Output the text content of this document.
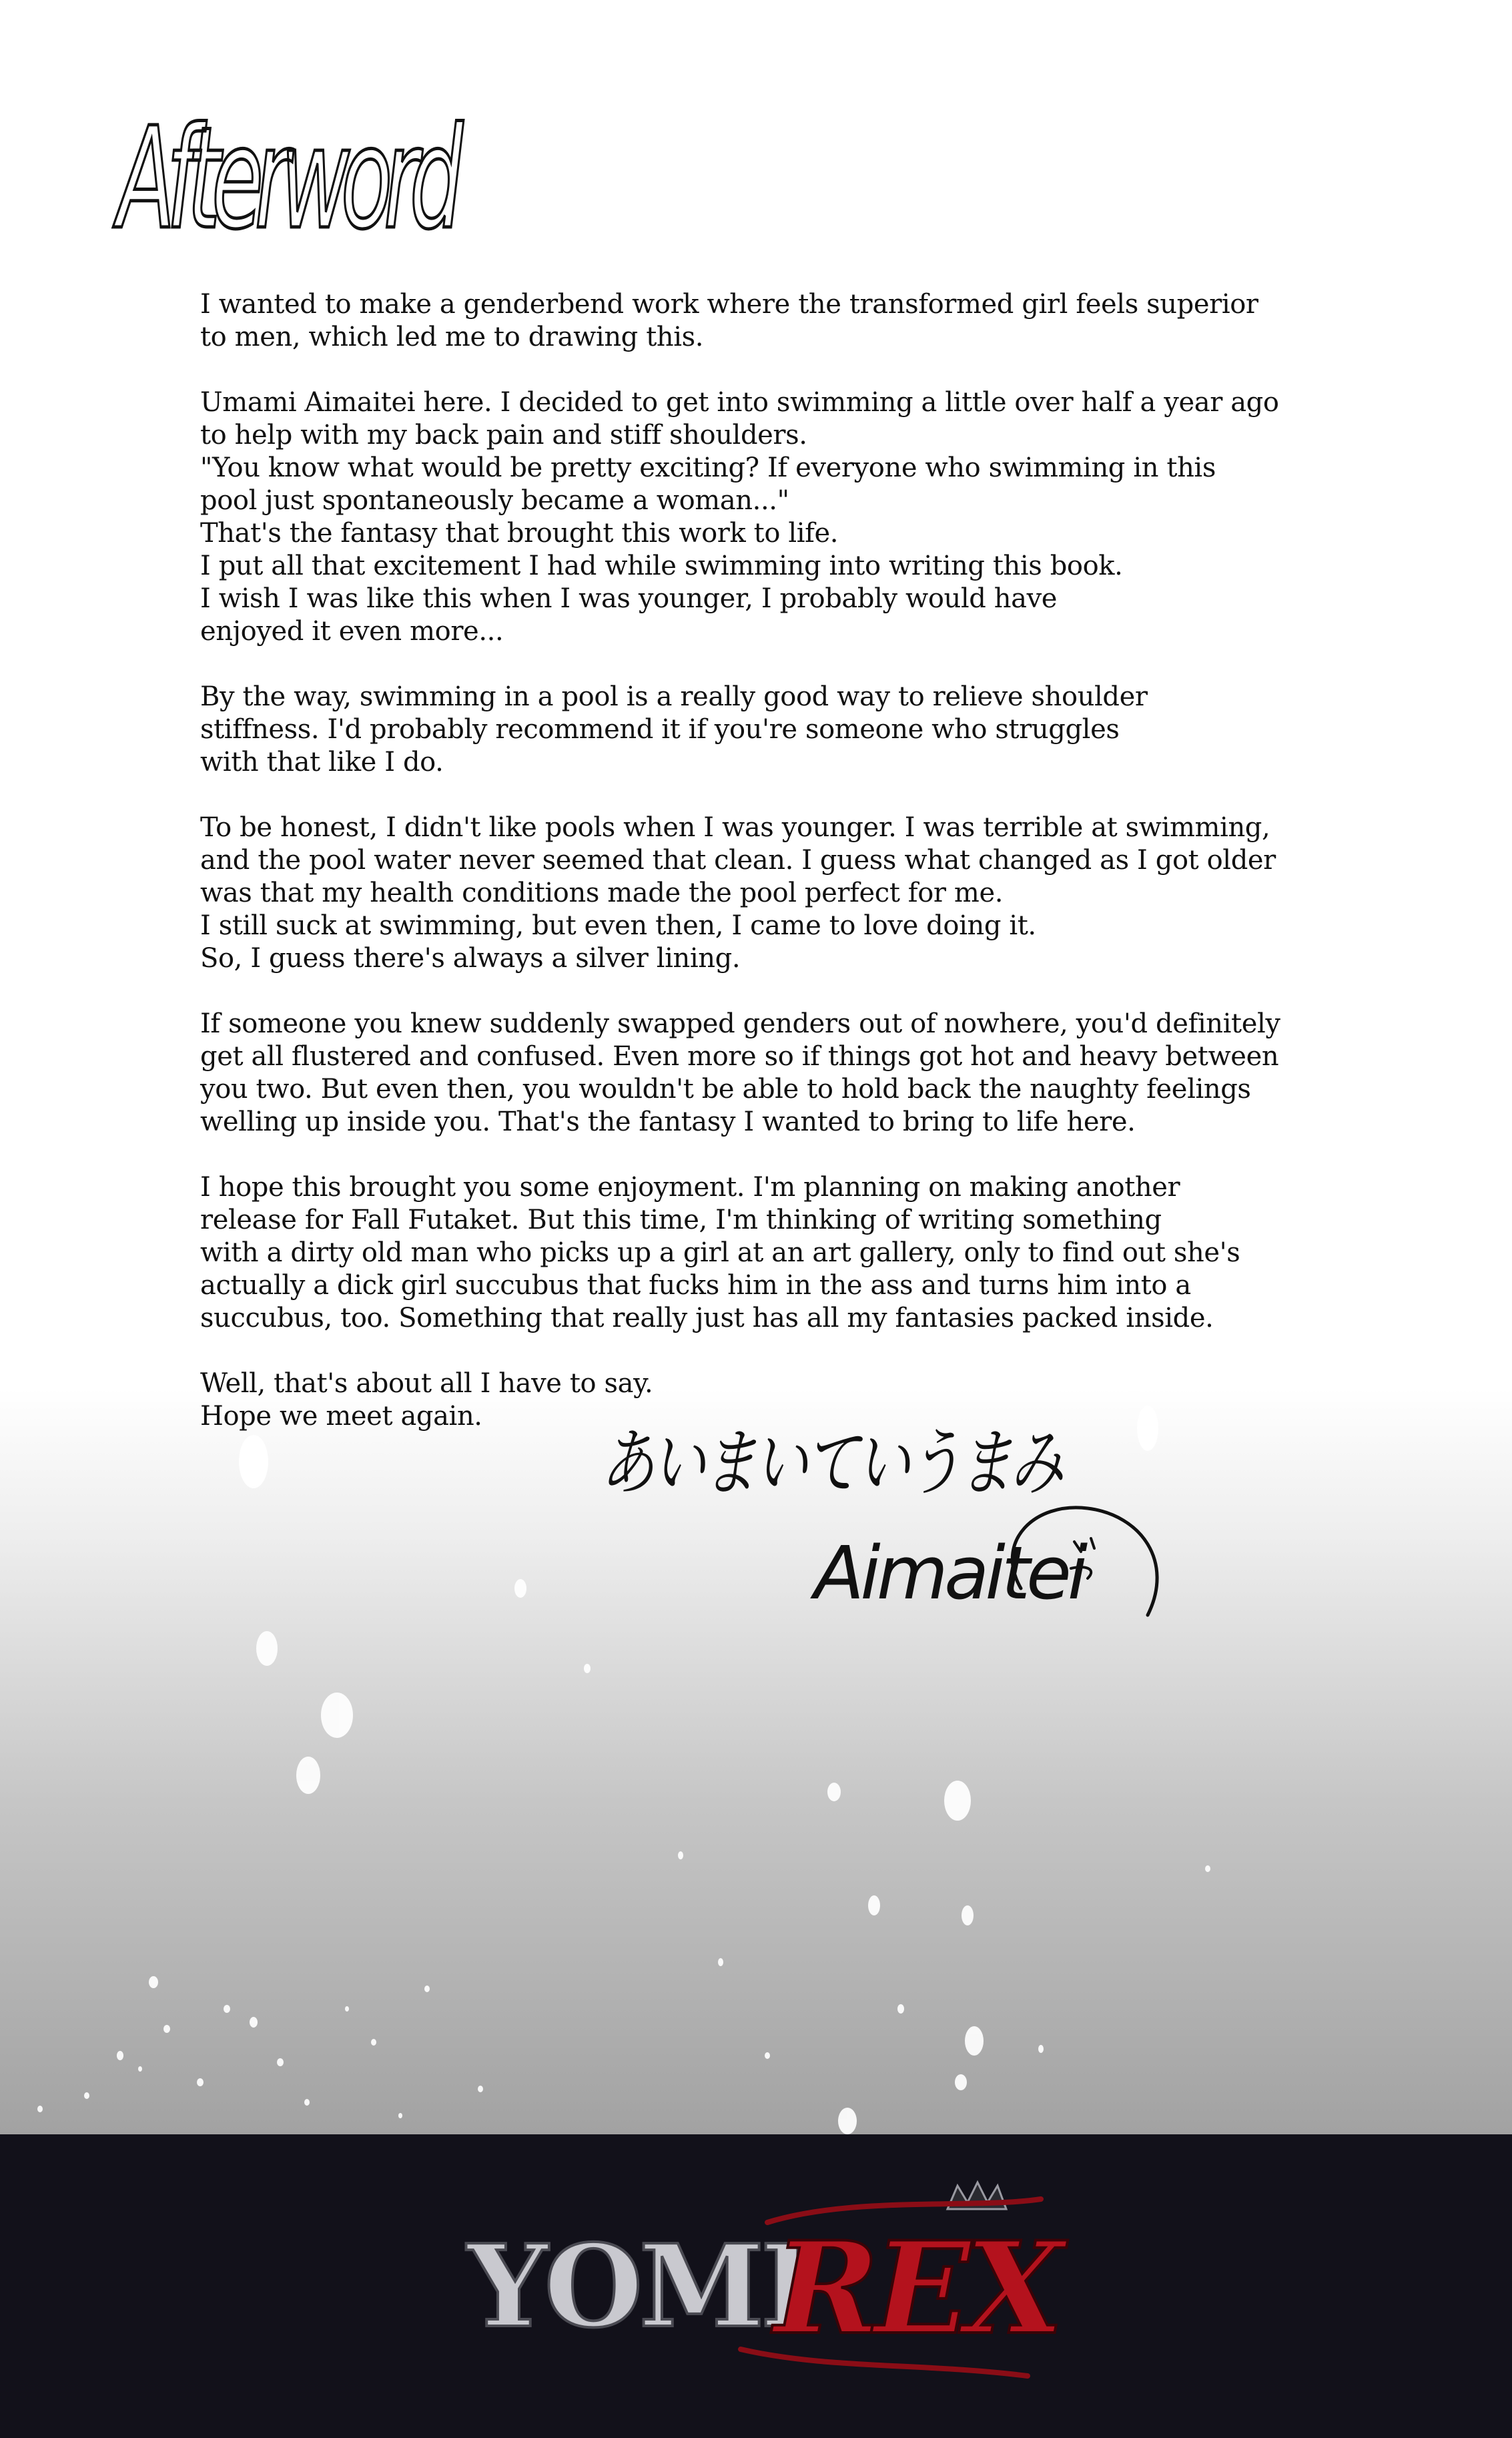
Afterword
I wanted to make a genderbend work where the transformed girl feels superior
to men, which led me to drawing this.
Umami Aimaitei here. I decided to get into swimming a little over half a year ago
to help with my back pain and stiff shoulders.
"You know what would be pretty exciting? If everyone who swimming in this
pool just spontaneously became a woman..."
That's the fantasy that brought this work to life.
I put all that excitement I had while swimming into writing this book.
I wish I was like this when I was younger, I probably would have
enjoyed it even more...
By the way, swimming in a pool is a really good way to relieve shoulder
stiffness. I'd probably recommend it if you're someone who struggles
with that like I do.
To be honest, I didn't like pools when I was younger. I was terrible at swimming,
and the pool water never seemed that clean. I guess what changed as I got older
was that my health conditions made the pool perfect for me.
I still suck at swimming, but even then, I came to love doing it.
So, I guess there's always a silver lining.
If someone you knew suddenly swapped genders out of nowhere, you'd definitely
get all flustered and confused. Even more so if things got hot and heavy between
you two. But even then, you wouldn't be able to hold back the naughty feelings
welling up inside you. That's the fantasy I wanted to bring to life here.
I hope this brought you some enjoyment. I'm planning on making another
release for Fall Futaket. But this time, I'm thinking of writing something
with a dirty old man who picks up a girl at an art gallery, only to find out she's
actually a dick girl succubus that fucks him in the ass and turns him into a
succubus, too. Something that really just has all my fantasies packed inside.
Well, that's about all I have to say.
Hope we meet again.
あいまいていうまみ
Aimaitei
YOMI
REX
